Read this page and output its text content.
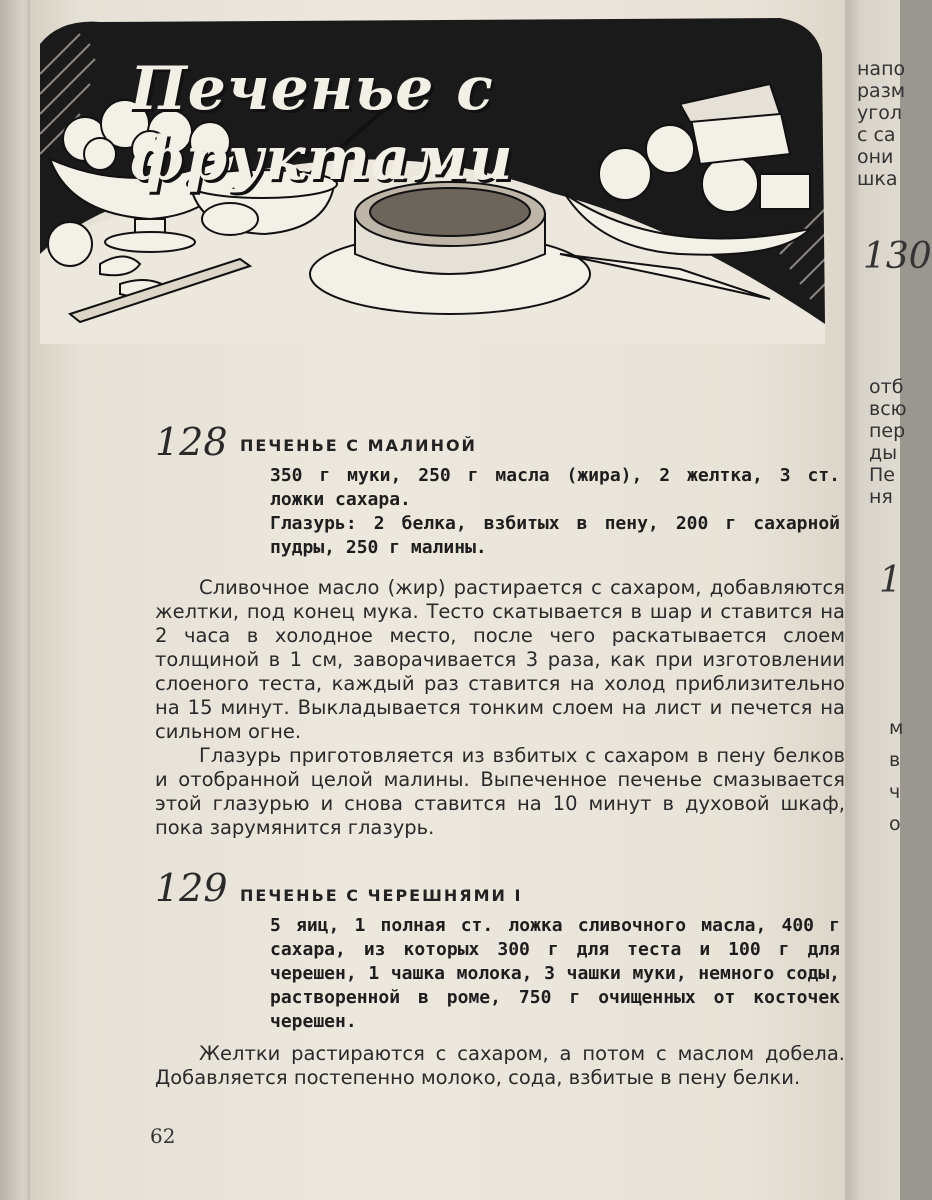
напо
разм
угол
с са
они
шка
130
отб
всю
пер
ды
Пе
ня
1
м
в
ч
о
Печенье с фруктами
128 ПЕЧЕНЬЕ С МАЛИНОЙ

350 г муки, 250 г масла (жира), 2 желтка, 3 ст. ложки сахара.

Глазурь: 2 белка, взбитых в пену, 200 г сахарной пудры, 250 г малины.

Сливочное масло (жир) растирается с сахаром, добавляются желтки, под конец мука. Тесто скатывается в шар и ставится на 2 часа в холодное место, после чего раскатывается слоем толщиной в 1 см, заворачивается 3 раза, как при изготовлении слоеного теста, каждый раз ставится на холод приблизительно на 15 минут. Выкладывается тонким слоем на лист и печется на сильном огне.

Глазурь приготовляется из взбитых с сахаром в пену белков и отобранной целой малины. Выпеченное печенье смазывается этой глазурью и снова ставится на 10 минут в духовой шкаф, пока зарумянится глазурь.

129 ПЕЧЕНЬЕ С ЧЕРЕШНЯМИ I

5 яиц, 1 полная ст. ложка сливочного масла, 400 г сахара, из которых 300 г для теста и 100 г для черешен, 1 чашка молока, 3 чашки муки, немного соды, растворенной в роме, 750 г очищенных от косточек черешен.

Желтки растираются с сахаром, а потом с маслом добела. Добавляется постепенно молоко, сода, взбитые в пену белки.

62
